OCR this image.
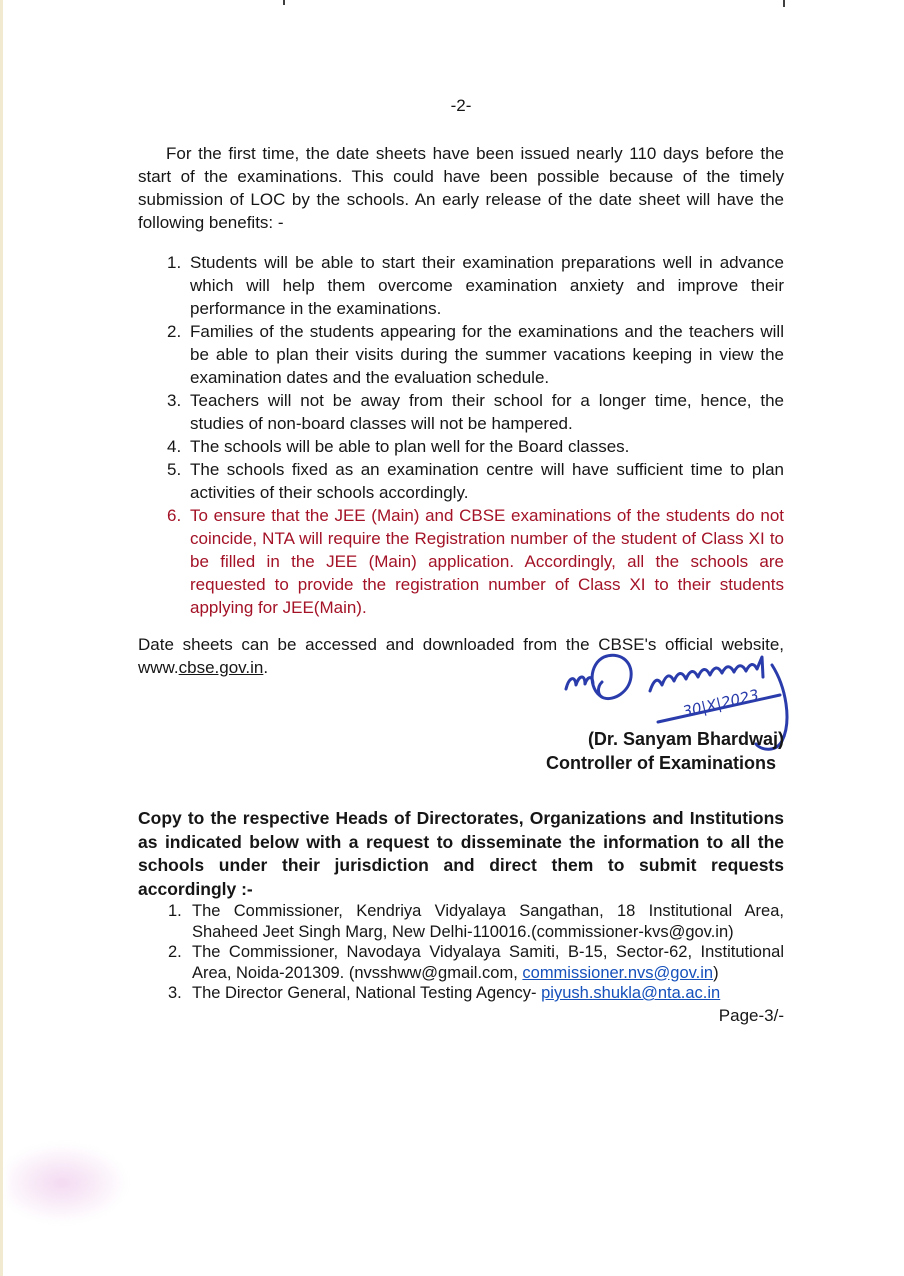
-2-

For the first time, the date sheets have been issued nearly 110 days before the start of the examinations. This could have been possible because of the timely submission of LOC by the schools. An early release of the date sheet will have the following benefits: -

1. Students will be able to start their examination preparations well in advance which will help them overcome examination anxiety and improve their performance in the examinations.
2. Families of the students appearing for the examinations and the teachers will be able to plan their visits during the summer vacations keeping in view the examination dates and the evaluation schedule.
3. Teachers will not be away from their school for a longer time, hence, the studies of non-board classes will not be hampered.
4. The schools will be able to plan well for the Board classes.
5. The schools fixed as an examination centre will have sufficient time to plan activities of their schools accordingly.
6. To ensure that the JEE (Main) and CBSE examinations of the students do not coincide, NTA will require the Registration number of the student of Class XI to be filled in the JEE (Main) application. Accordingly, all the schools are requested to provide the registration number of Class XI to their students applying for JEE(Main).

Date sheets can be accessed and downloaded from the CBSE's official website, www.cbse.gov.in.

30|X|2023
(Dr. Sanyam Bhardwaj)
Controller of Examinations

Copy to the respective Heads of Directorates, Organizations and Institutions as indicated below with a request to disseminate the information to all the schools under their jurisdiction and direct them to submit requests accordingly :-

1. The Commissioner, Kendriya Vidyalaya Sangathan, 18 Institutional Area, Shaheed Jeet Singh Marg, New Delhi-110016.(commissioner-kvs@gov.in)
2. The Commissioner, Navodaya Vidyalaya Samiti, B-15, Sector-62, Institutional Area, Noida-201309. (nvsshww@gmail.com, commissioner.nvs@gov.in)
3. The Director General, National Testing Agency- piyush.shukla@nta.ac.in
Page-3/-
